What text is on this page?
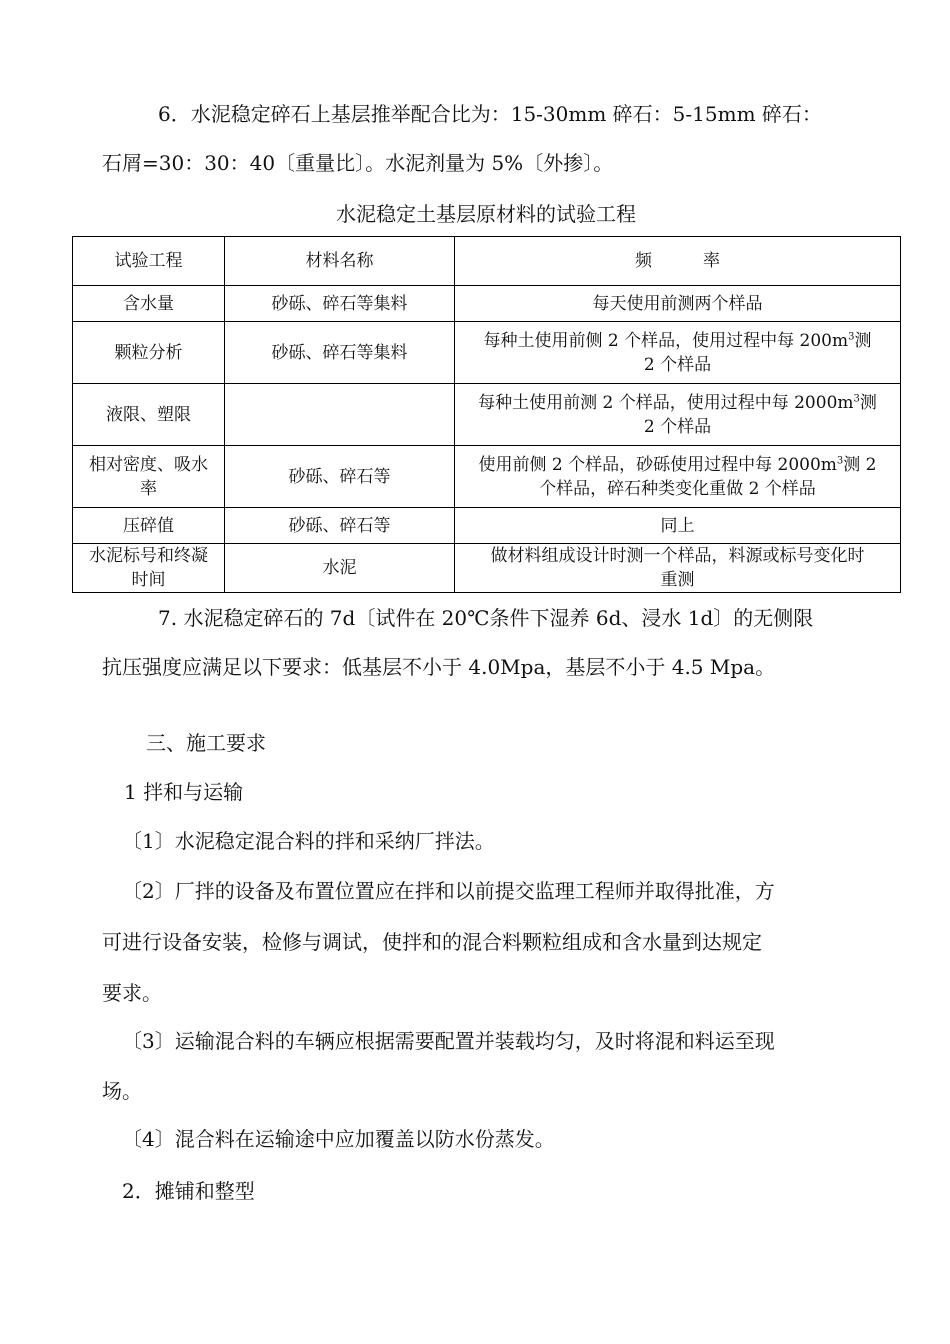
6．水泥稳定碎石上基层推举配合比为：15-30mm 碎石：5-15mm 碎石：
石屑=30：30：40〔重量比〕。水泥剂量为 5%〔外掺〕。
水泥稳定土基层原材料的试验工程
试验工程	材料名称	频　　　率
含水量	砂砾、碎石等集料	每天使用前测两个样品
颗粒分析	砂砾、碎石等集料	每种土使用前侧 2 个样品，使用过程中每 $200m^3$测
2 个样品
液限、塑限		每种土使用前测 2 个样品，使用过程中每 $2000m^3$测
2 个样品
相对密度、吸水
率	砂砾、碎石等	使用前侧 2 个样品，砂砾使用过程中每 $2000m^3$测 2
个样品，碎石种类变化重做 2 个样品
压碎值	砂砾、碎石等	同上
水泥标号和终凝
时间	水泥	做材料组成设计时测一个样品，料源或标号变化时
重测
7. 水泥稳定碎石的 7d〔试件在 20℃条件下湿养 6d、浸水 1d〕的无侧限
抗压强度应满足以下要求：低基层不小于 4.0Mpa，基层不小于 4.5 Mpa。
三、施工要求
1 拌和与运输
〔1〕水泥稳定混合料的拌和采纳厂拌法。
〔2〕厂拌的设备及布置位置应在拌和以前提交监理工程师并取得批准，方
可进行设备安装，检修与调试，使拌和的混合料颗粒组成和含水量到达规定
要求。
〔3〕运输混合料的车辆应根据需要配置并装载均匀，及时将混和料运至现
场。
〔4〕混合料在运输途中应加覆盖以防水份蒸发。
2．摊铺和整型
